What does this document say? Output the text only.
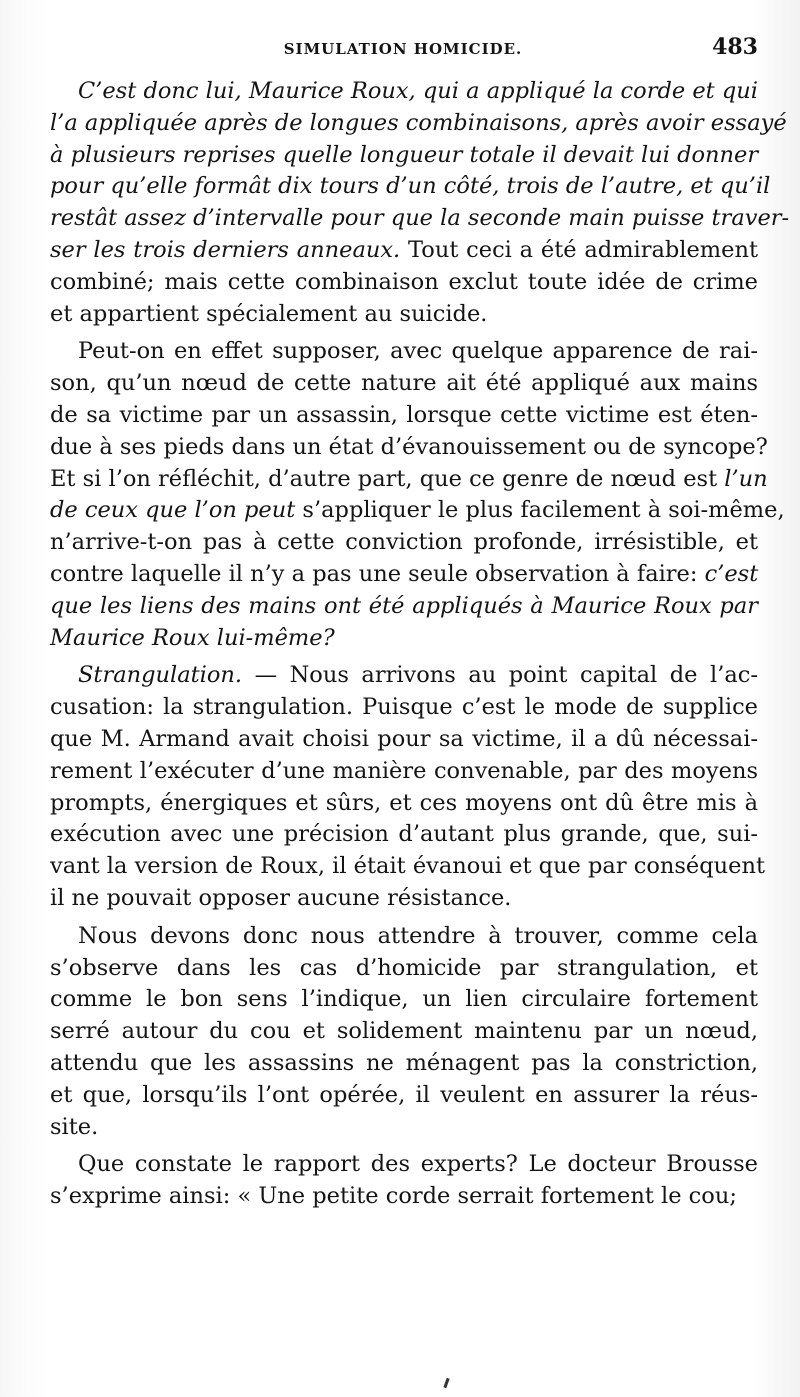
SIMULATION HOMICIDE.	483
C’est donc lui, Maurice Roux, qui a appliqué la corde et qui
l’a appliquée après de longues combinaisons, après avoir essayé
à plusieurs reprises quelle longueur totale il devait lui donner
pour qu’elle formât dix tours d’un côté, trois de l’autre, et qu’il
restât assez d’intervalle pour que la seconde main puisse traver-
ser les trois derniers anneaux. Tout ceci a été admirablement
combiné; mais cette combinaison exclut toute idée de crime
et appartient spécialement au suicide.
Peut-on en effet supposer, avec quelque apparence de rai-
son, qu’un nœud de cette nature ait été appliqué aux mains
de sa victime par un assassin, lorsque cette victime est éten-
due à ses pieds dans un état d’évanouissement ou de syncope?
Et si l’on réfléchit, d’autre part, que ce genre de nœud est l’un
de ceux que l’on peut s’appliquer le plus facilement à soi-même,
n’arrive-t-on pas à cette conviction profonde, irrésistible, et
contre laquelle il n’y a pas une seule observation à faire: c’est
que les liens des mains ont été appliqués à Maurice Roux par
Maurice Roux lui-même?
Strangulation. — Nous arrivons au point capital de l’ac-
cusation: la strangulation. Puisque c’est le mode de supplice
que M. Armand avait choisi pour sa victime, il a dû nécessai-
rement l’exécuter d’une manière convenable, par des moyens
prompts, énergiques et sûrs, et ces moyens ont dû être mis à
exécution avec une précision d’autant plus grande, que, sui-
vant la version de Roux, il était évanoui et que par conséquent
il ne pouvait opposer aucune résistance.
Nous devons donc nous attendre à trouver, comme cela
s’observe dans les cas d’homicide par strangulation, et
comme le bon sens l’indique, un lien circulaire fortement
serré autour du cou et solidement maintenu par un nœud,
attendu que les assassins ne ménagent pas la constriction,
et que, lorsqu’ils l’ont opérée, il veulent en assurer la réus-
site.
Que constate le rapport des experts? Le docteur Brousse
s’exprime ainsi: « Une petite corde serrait fortement le cou;
